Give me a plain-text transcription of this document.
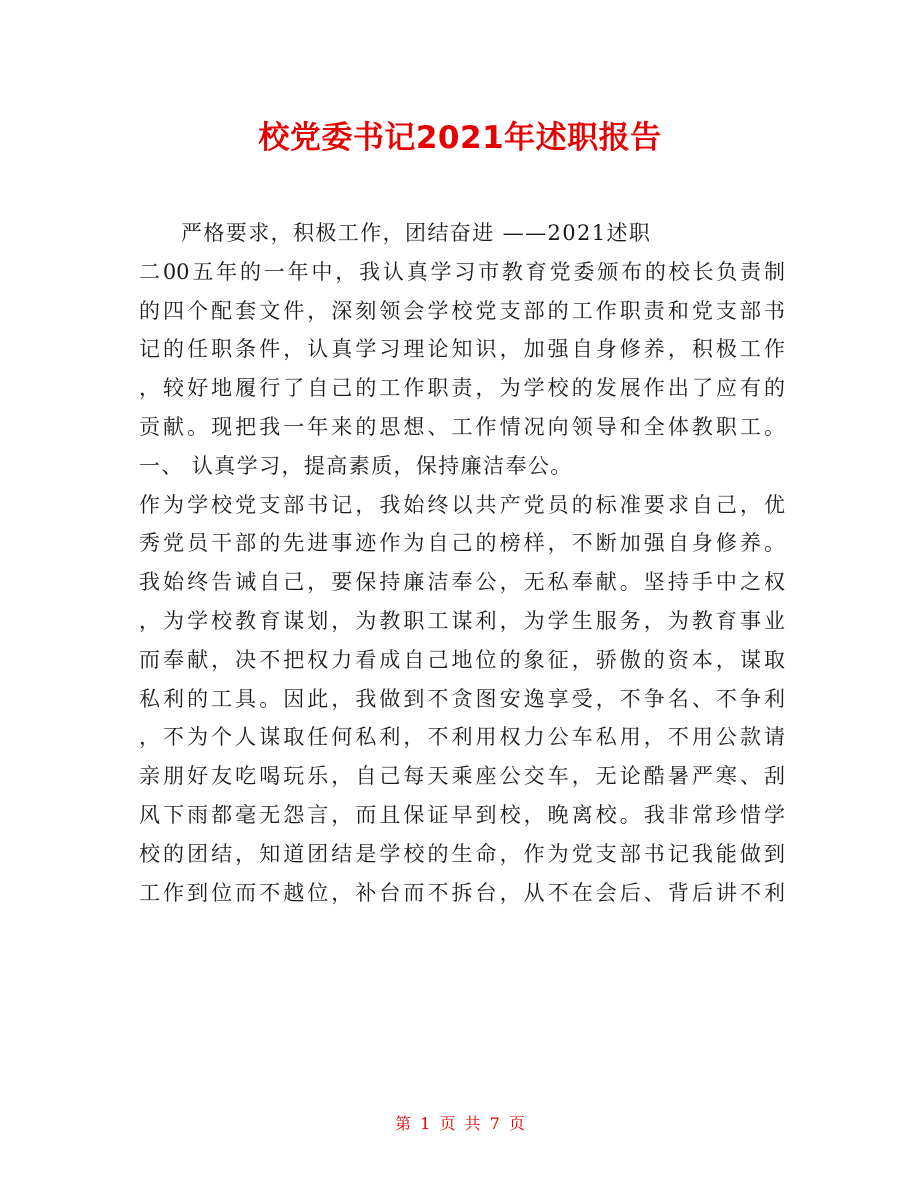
校党委书记2021年述职报告
严格要求，积极工作，团结奋进 ——2021述职
二00五年的一年中，我认真学习市教育党委颁布的校长负责制
的四个配套文件，深刻领会学校党支部的工作职责和党支部书
记的任职条件，认真学习理论知识，加强自身修养，积极工作
，较好地履行了自己的工作职责，为学校的发展作出了应有的
贡献。现把我一年来的思想、工作情况向领导和全体教职工。
一、 认真学习，提高素质，保持廉洁奉公。
作为学校党支部书记，我始终以共产党员的标准要求自己，优
秀党员干部的先进事迹作为自己的榜样，不断加强自身修养。
我始终告诫自己，要保持廉洁奉公，无私奉献。坚持手中之权
，为学校教育谋划，为教职工谋利，为学生服务，为教育事业
而奉献，决不把权力看成自己地位的象征，骄傲的资本，谋取
私利的工具。因此，我做到不贪图安逸享受，不争名、不争利
，不为个人谋取任何私利，不利用权力公车私用，不用公款请
亲朋好友吃喝玩乐，自己每天乘座公交车，无论酷暑严寒、刮
风下雨都毫无怨言，而且保证早到校，晚离校。我非常珍惜学
校的团结，知道团结是学校的生命，作为党支部书记我能做到
工作到位而不越位，补台而不拆台，从不在会后、背后讲不利
第 1 页 共 7 页
